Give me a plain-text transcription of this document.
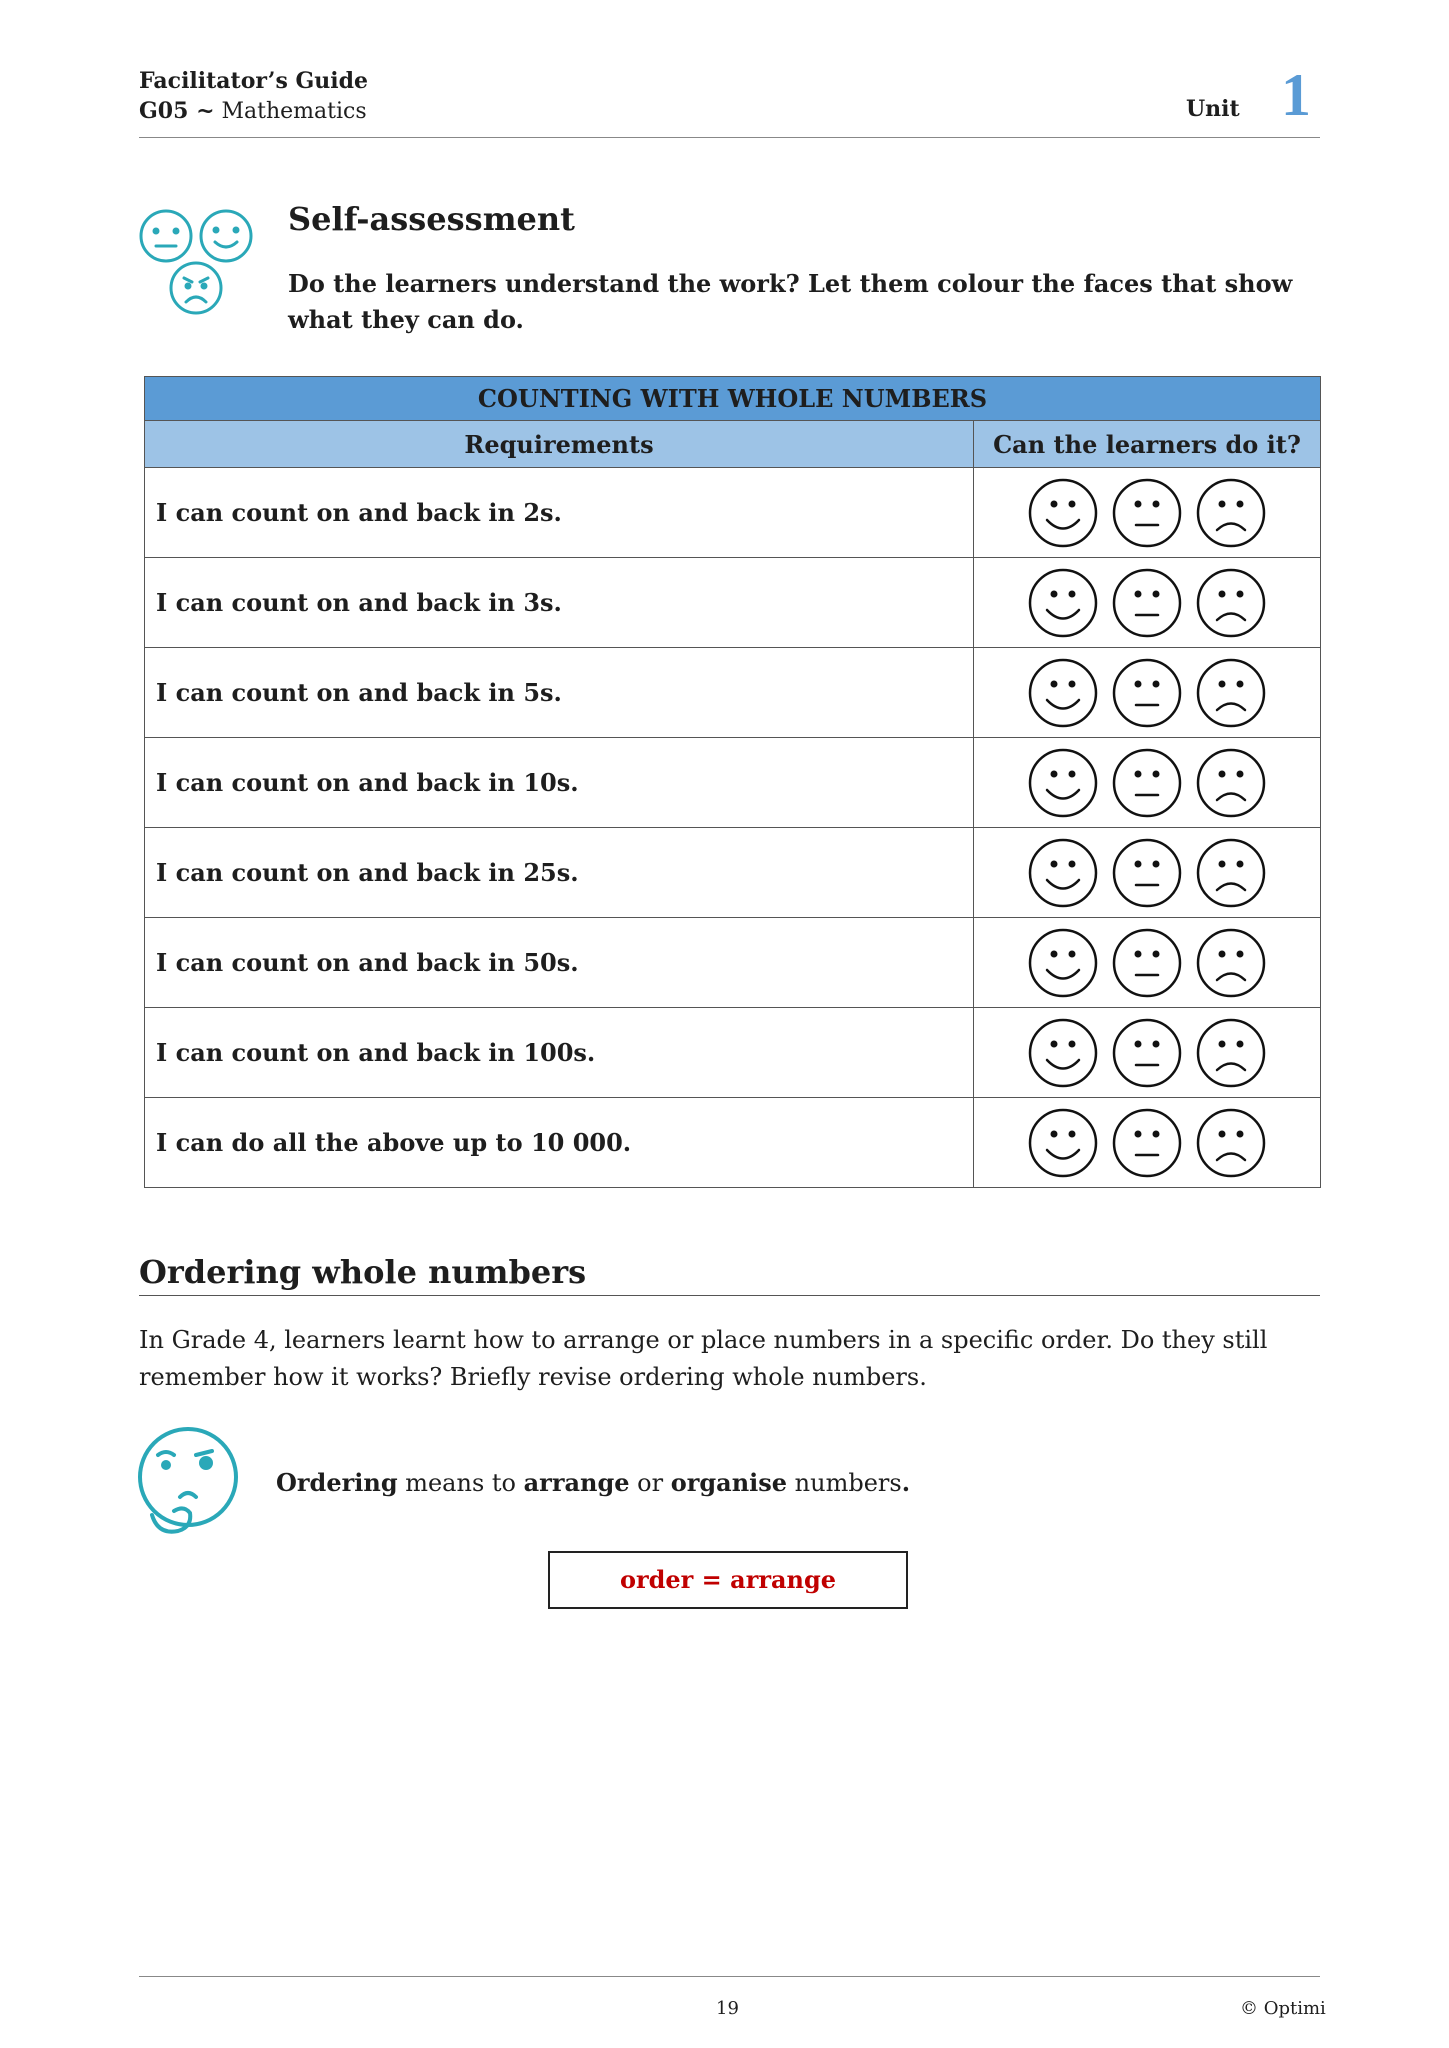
Facilitator’s Guide
G05 ~ Mathematics	Unit 1
Self-assessment
Do the learners understand the work? Let them colour the faces that show what they can do.
COUNTING WITH WHOLE NUMBERS	
Requirements	Can the learners do it?
I can count on and back in 2s.	
I can count on and back in 3s.	
I can count on and back in 5s.	
I can count on and back in 10s.	
I can count on and back in 25s.	
I can count on and back in 50s.	
I can count on and back in 100s.	
I can do all the above up to 10 000.	
Ordering whole numbers
In Grade 4, learners learnt how to arrange or place numbers in a specific order. Do they still remember how it works? Briefly revise ordering whole numbers.
Ordering means to arrange or organise numbers.
order = arrange
19	© Optimi
